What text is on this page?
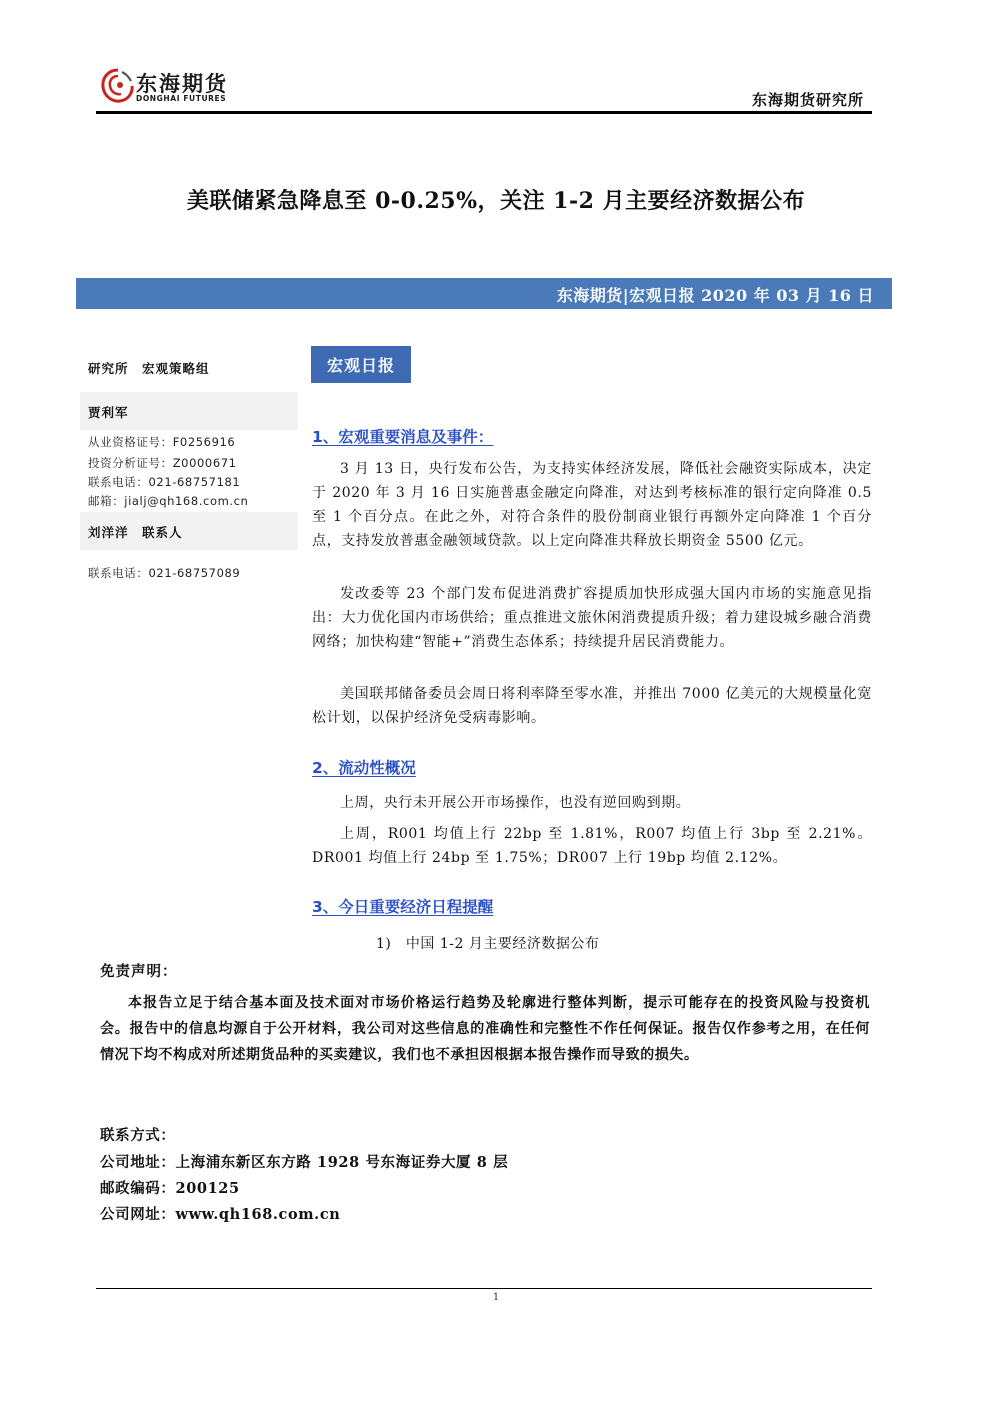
东海期货
DONGHAI FUTURES	东海期货研究所
美联储紧急降息至 0-0.25%，关注 1-2 月主要经济数据公布
东海期货|宏观日报 2020 年 03 月 16 日
研究所　宏观策略组
贾利军
从业资格证号：F0256916
投资分析证号：Z0000671
联系电话：021-68757181
邮箱：jialj@qh168.com.cn
刘洋洋　联系人
联系电话：021-68757089
宏观日报
1、宏观重要消息及事件：

3 月 13 日，央行发布公告，为支持实体经济发展，降低社会融资实际成本，决定于 2020 年 3 月 16 日实施普惠金融定向降准，对达到考核标准的银行定向降准 0.5 至 1 个百分点。在此之外，对符合条件的股份制商业银行再额外定向降准 1 个百分点，支持发放普惠金融领域贷款。以上定向降准共释放长期资金 5500 亿元。

发改委等 23 个部门发布促进消费扩容提质加快形成强大国内市场的实施意见指出：大力优化国内市场供给；重点推进文旅休闲消费提质升级；着力建设城乡融合消费网络；加快构建“智能+”消费生态体系；持续提升居民消费能力。

美国联邦储备委员会周日将利率降至零水准，并推出 7000 亿美元的大规模量化宽松计划，以保护经济免受病毒影响。

2、流动性概况

上周，央行未开展公开市场操作，也没有逆回购到期。

上周，R001 均值上行 22bp 至 1.81%，R007 均值上行 3bp 至 2.21%。DR001 均值上行 24bp 至 1.75%；DR007 上行 19bp 均值 2.12%。

3、今日重要经济日程提醒

1)　中国 1-2 月主要经济数据公布

免责声明：

本报告立足于结合基本面及技术面对市场价格运行趋势及轮廓进行整体判断，提示可能存在的投资风险与投资机会。报告中的信息均源自于公开材料，我公司对这些信息的准确性和完整性不作任何保证。报告仅作参考之用，在任何情况下均不构成对所述期货品种的买卖建议，我们也不承担因根据本报告操作而导致的损失。

联系方式：
公司地址：上海浦东新区东方路 1928 号东海证券大厦 8 层
邮政编码：200125
公司网址：www.qh168.com.cn
1
